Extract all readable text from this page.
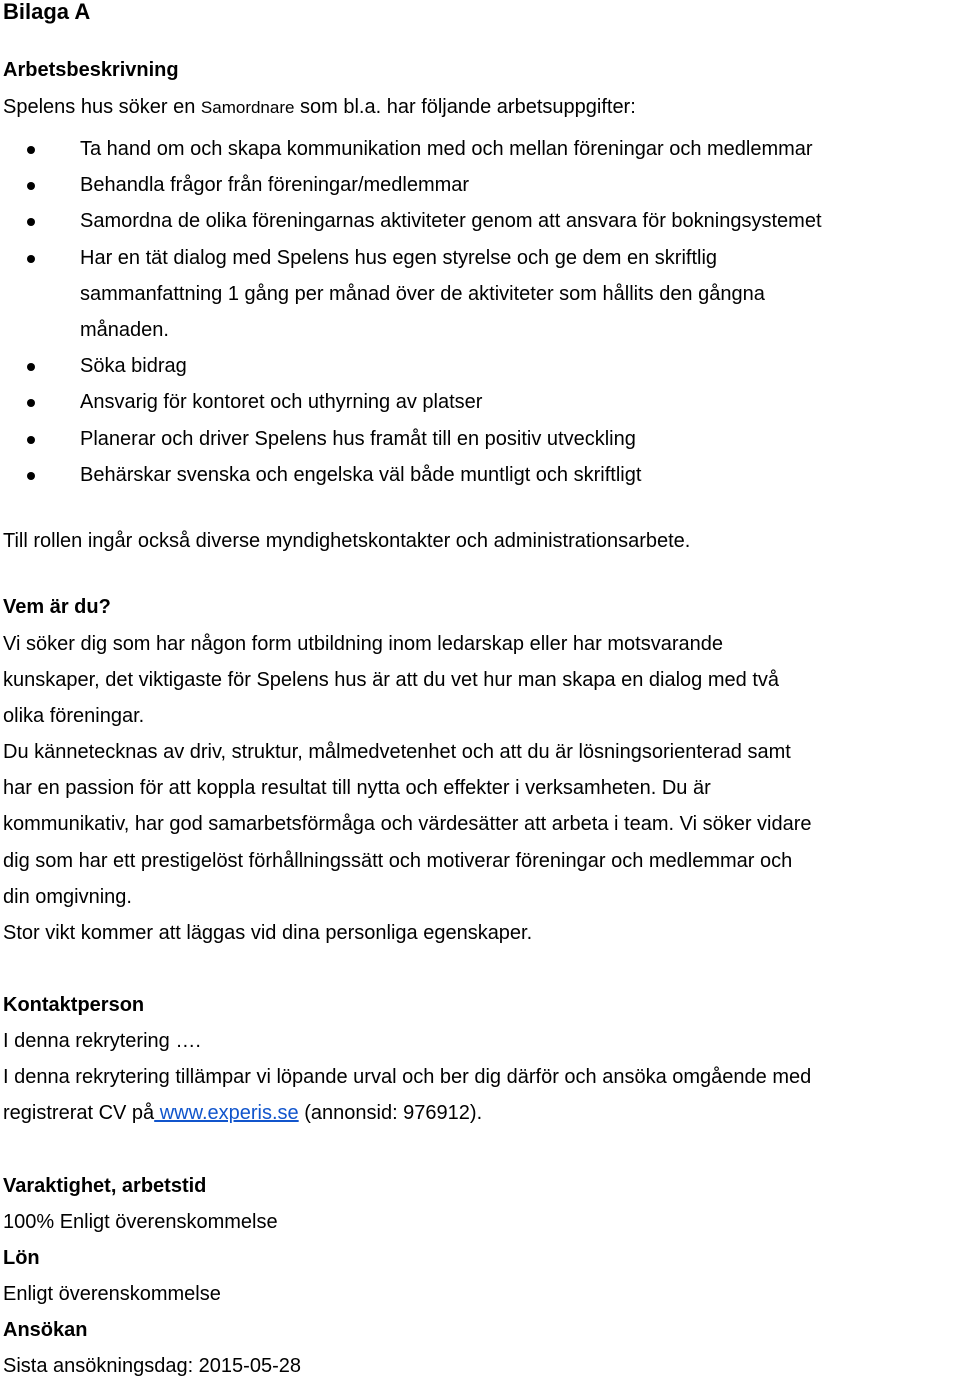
Bilaga A
Arbetsbeskrivning

Spelens hus söker en Samordnare som bl.a. har följande arbetsuppgifter:

Ta hand om och skapa kommunikation med och mellan föreningar och medlemmar
Behandla frågor från föreningar/medlemmar
Samordna de olika föreningarnas aktiviteter genom att ansvara för bokningsystemet
Har en tät dialog med Spelens hus egen styrelse och ge dem en skriftlig
sammanfattning 1 gång per månad över de aktiviteter som hållits den gångna
månaden.
Söka bidrag
Ansvarig för kontoret och uthyrning av platser
Planerar och driver Spelens hus framåt till en positiv utveckling
Behärskar svenska och engelska väl både muntligt och skriftligt

Till rollen ingår också diverse myndighetskontakter och administrationsarbete.

Vem är du?

Vi söker dig som har någon form utbildning inom ledarskap eller har motsvarande
kunskaper, det viktigaste för Spelens hus är att du vet hur man skapa en dialog med två
olika föreningar.

Du kännetecknas av driv, struktur, målmedvetenhet och att du är lösningsorienterad samt
har en passion för att koppla resultat till nytta och effekter i verksamheten. Du är
kommunikativ, har god samarbetsförmåga och värdesätter att arbeta i team. Vi söker vidare
dig som har ett prestigelöst förhållningssätt och motiverar föreningar och medlemmar och
din omgivning.

Stor vikt kommer att läggas vid dina personliga egenskaper.

Kontaktperson

I denna rekrytering ….
I denna rekrytering tillämpar vi löpande urval och ber dig därför och ansöka omgående med
registrerat CV på www.experis.se (annonsid: 976912).

Varaktighet, arbetstid

100% Enligt överenskommelse

Lön

Enligt överenskommelse

Ansökan

Sista ansökningsdag: 2015-05-28
